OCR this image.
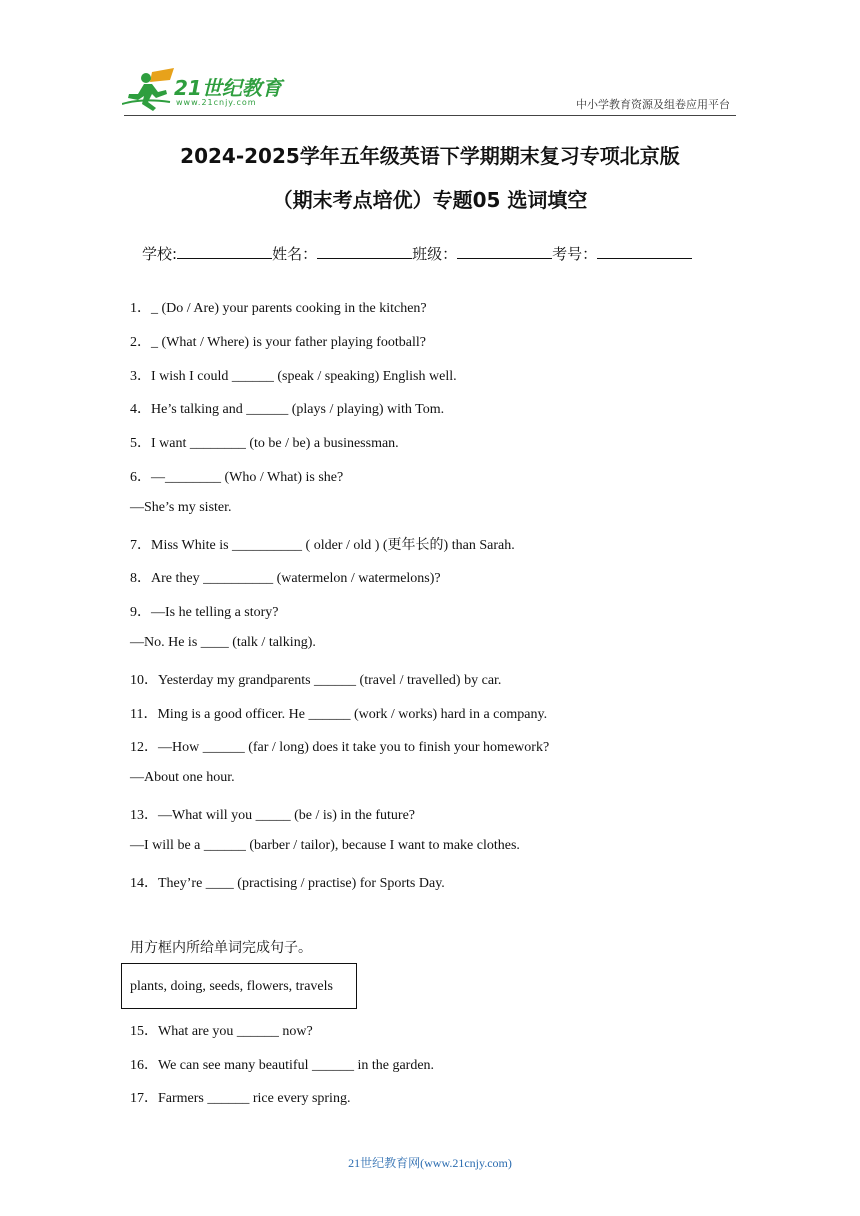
21世纪教育
www.21cnjy.com	中小学教育资源及组卷应用平台
2024-2025学年五年级英语下学期期末复习专项北京版
（期末考点培优）专题05 选词填空
学校:	姓名：	班级：	考号：
1．_ (Do / Are) your parents cooking in the kitchen?
2．_ (What / Where) is your father playing football?
3．I wish I could ______ (speak / speaking) English well.
4．He’s talking and ______ (plays / playing) with Tom.
5．I want ________ (to be / be) a businessman.
6．—________ (Who / What) is she?
—She’s my sister.
7．Miss White is __________ ( older / old ) (更年长的) than Sarah.
8．Are they __________ (watermelon / watermelons)?
9．—Is he telling a story?
—No. He is ____ (talk / talking).
10．Yesterday my grandparents ______ (travel / travelled) by car.
11．Ming is a good officer. He ______ (work / works) hard in a company.
12．—How ______ (far / long) does it take you to finish your homework?
—About one hour.
13．—What will you _____ (be / is) in the future?
—I will be a ______ (barber / tailor), because I want to make clothes.
14．They’re ____ (practising / practise) for Sports Day.
用方框内所给单词完成句子。
plants, doing, seeds, flowers, travels
15．What are you ______ now?
16．We can see many beautiful ______ in the garden.
17．Farmers ______ rice every spring.
21世纪教育网(www.21cnjy.com)
